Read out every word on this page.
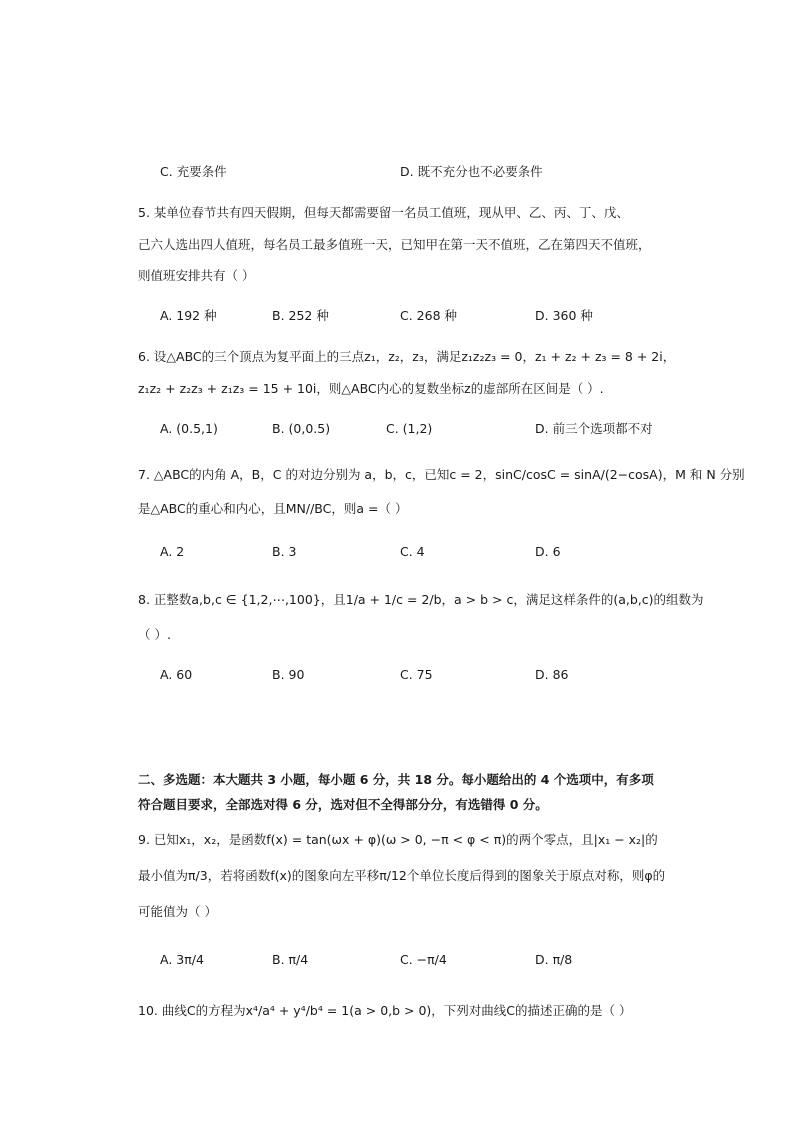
C. 充要条件	D. 既不充分也不必要条件
5. 某单位春节共有四天假期，但每天都需要留一名员工值班，现从甲、乙、丙、丁、戊、
己六人选出四人值班，每名员工最多值班一天，已知甲在第一天不值班，乙在第四天不值班，
则值班安排共有（ ）
A. 192 种	B. 252 种	C. 268 种	D. 360 种
6. 设△ABC的三个顶点为复平面上的三点z₁，z₂，z₃，满足z₁z₂z₃ = 0，z₁ + z₂ + z₃ = 8 + 2i，
z₁z₂ + z₂z₃ + z₁z₃ = 15 + 10i，则△ABC内心的复数坐标z的虚部所在区间是（ ）.
A. (0.5,1)	B. (0,0.5)	C. (1,2)	D. 前三个选项都不对
7. △ABC的内角 A，B，C 的对边分别为 a，b，c，已知c = 2，sinC/cosC = sinA/(2−cosA)，M 和 N 分别
是△ABC的重心和内心，且MN//BC，则a =（ ）
A. 2	B. 3	C. 4	D. 6
8. 正整数a,b,c ∈ {1,2,⋯,100}，且1/a + 1/c = 2/b，a > b > c，满足这样条件的(a,b,c)的组数为
（ ）.
A. 60	B. 90	C. 75	D. 86
二、多选题：本大题共 3 小题，每小题 6 分，共 18 分。每小题给出的 4 个选项中，有多项
符合题目要求，全部选对得 6 分，选对但不全得部分分，有选错得 0 分。
9. 已知x₁，x₂，是函数f(x) = tan(ωx + φ)(ω > 0, −π < φ < π)的两个零点，且|x₁ − x₂|的
最小值为π/3，若将函数f(x)的图象向左平移π/12个单位长度后得到的图象关于原点对称，则φ的
可能值为（ ）
A. 3π/4	B. π/4	C. −π/4	D. π/8
10. 曲线C的方程为x⁴/a⁴ + y⁴/b⁴ = 1(a > 0,b > 0)，下列对曲线C的描述正确的是（ ）
